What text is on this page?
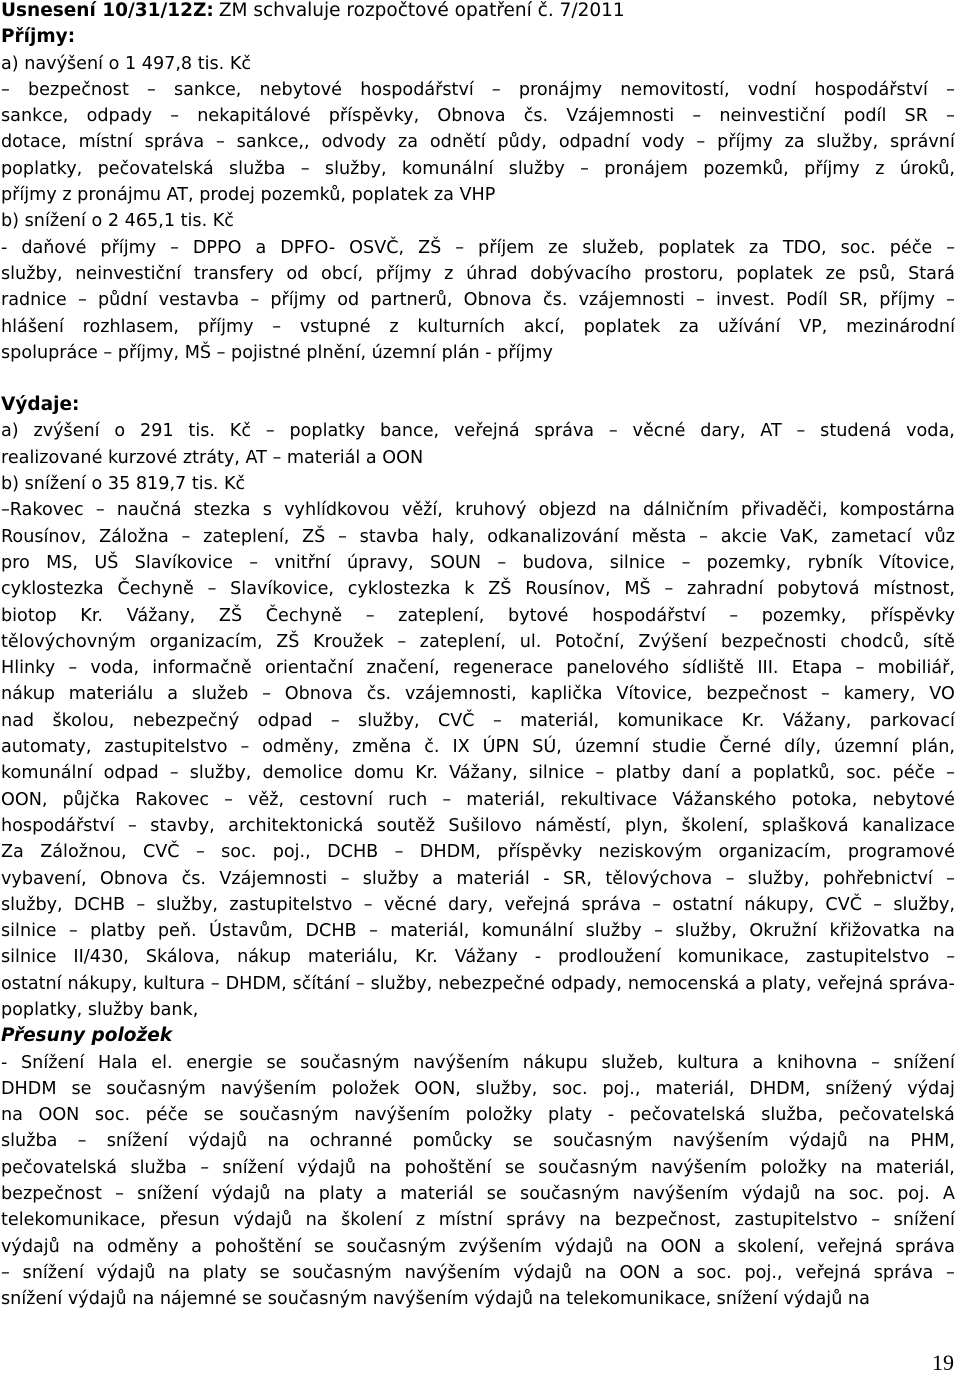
Usnesení 10/31/12Z: ZM schvaluje rozpočtové opatření č. 7/2011
Příjmy:
a) navýšení o 1 497,8 tis. Kč
– bezpečnost – sankce, nebytové hospodářství – pronájmy nemovitostí, vodní hospodářství –
sankce, odpady – nekapitálové příspěvky, Obnova čs. Vzájemnosti – neinvestiční podíl SR –
dotace, místní správa – sankce,, odvody za odnětí půdy, odpadní vody – příjmy za služby, správní
poplatky, pečovatelská služba – služby, komunální služby – pronájem pozemků, příjmy z úroků,
příjmy z pronájmu AT, prodej pozemků, poplatek za VHP
b) snížení o 2 465,1 tis. Kč
- daňové příjmy – DPPO a DPFO- OSVČ, ZŠ – příjem ze služeb, poplatek za TDO, soc. péče –
služby, neinvestiční transfery od obcí, příjmy z úhrad dobývacího prostoru, poplatek ze psů, Stará
radnice – půdní vestavba – příjmy od partnerů, Obnova čs. vzájemnosti – invest. Podíl SR, příjmy –
hlášení rozhlasem, příjmy – vstupné z kulturních akcí, poplatek za užívání VP, mezinárodní
spolupráce – příjmy, MŠ – pojistné plnění, územní plán - příjmy
Výdaje:
a) zvýšení o 291 tis. Kč – poplatky bance, veřejná správa – věcné dary, AT – studená voda,
realizované kurzové ztráty, AT – materiál a OON
b) snížení o 35 819,7 tis. Kč
–Rakovec – naučná stezka s vyhlídkovou věží, kruhový objezd na dálničním přivaděči, kompostárna
Rousínov, Záložna – zateplení, ZŠ – stavba haly, odkanalizování města – akcie VaK, zametací vůz
pro MS, UŠ Slavíkovice – vnitřní úpravy, SOUN – budova, silnice – pozemky, rybník Vítovice,
cyklostezka Čechyně – Slavíkovice, cyklostezka k ZŠ Rousínov, MŠ – zahradní pobytová místnost,
biotop Kr. Vážany, ZŠ Čechyně – zateplení, bytové hospodářství – pozemky, příspěvky
tělovýchovným organizacím, ZŠ Kroužek – zateplení, ul. Potoční, Zvýšení bezpečnosti chodců, sítě
Hlinky – voda, informačně orientační značení, regenerace panelového sídliště III. Etapa – mobiliář,
nákup materiálu a služeb – Obnova čs. vzájemnosti, kaplička Vítovice, bezpečnost – kamery, VO
nad školou, nebezpečný odpad – služby, CVČ – materiál, komunikace Kr. Vážany, parkovací
automaty, zastupitelstvo – odměny, změna č. IX ÚPN SÚ, územní studie Černé díly, územní plán,
komunální odpad – služby, demolice domu Kr. Vážany, silnice – platby daní a poplatků, soc. péče –
OON, půjčka Rakovec – věž, cestovní ruch – materiál, rekultivace Vážanského potoka, nebytové
hospodářství – stavby, architektonická soutěž Sušilovo náměstí, plyn, školení, splašková kanalizace
Za Záložnou, CVČ – soc. poj., DCHB – DHDM, příspěvky neziskovým organizacím, programové
vybavení, Obnova čs. Vzájemnosti – služby a materiál - SR, tělovýchova – služby, pohřebnictví –
služby, DCHB – služby, zastupitelstvo – věcné dary, veřejná správa – ostatní nákupy, CVČ – služby,
silnice – platby peň. Ústavům, DCHB – materiál, komunální služby – služby, Okružní křižovatka na
silnice II/430, Skálova, nákup materiálu, Kr. Vážany - prodloužení komunikace, zastupitelstvo –
ostatní nákupy, kultura – DHDM, sčítání – služby, nebezpečné odpady, nemocenská a platy, veřejná správa-
poplatky, služby bank,
Přesuny položek
- Snížení Hala el. energie se současným navýšením nákupu služeb, kultura a knihovna – snížení
DHDM se současným navýšením položek OON, služby, soc. poj., materiál, DHDM, snížený výdaj
na OON soc. péče se současným navýšením položky platy - pečovatelská služba, pečovatelská
služba – snížení výdajů na ochranné pomůcky se současným navýšením výdajů na PHM,
pečovatelská služba – snížení výdajů na pohoštění se současným navýšením položky na materiál,
bezpečnost – snížení výdajů na platy a materiál se současným navýšením výdajů na soc. poj. A
telekomunikace, přesun výdajů na školení z místní správy na bezpečnost, zastupitelstvo – snížení
výdajů na odměny a pohoštění se současným zvýšením výdajů na OON a skolení, veřejná správa
– snížení výdajů na platy se současným navýšením výdajů na OON a soc. poj., veřejná správa –
snížení výdajů na nájemné se současným navýšením výdajů na telekomunikace, snížení výdajů na
19
